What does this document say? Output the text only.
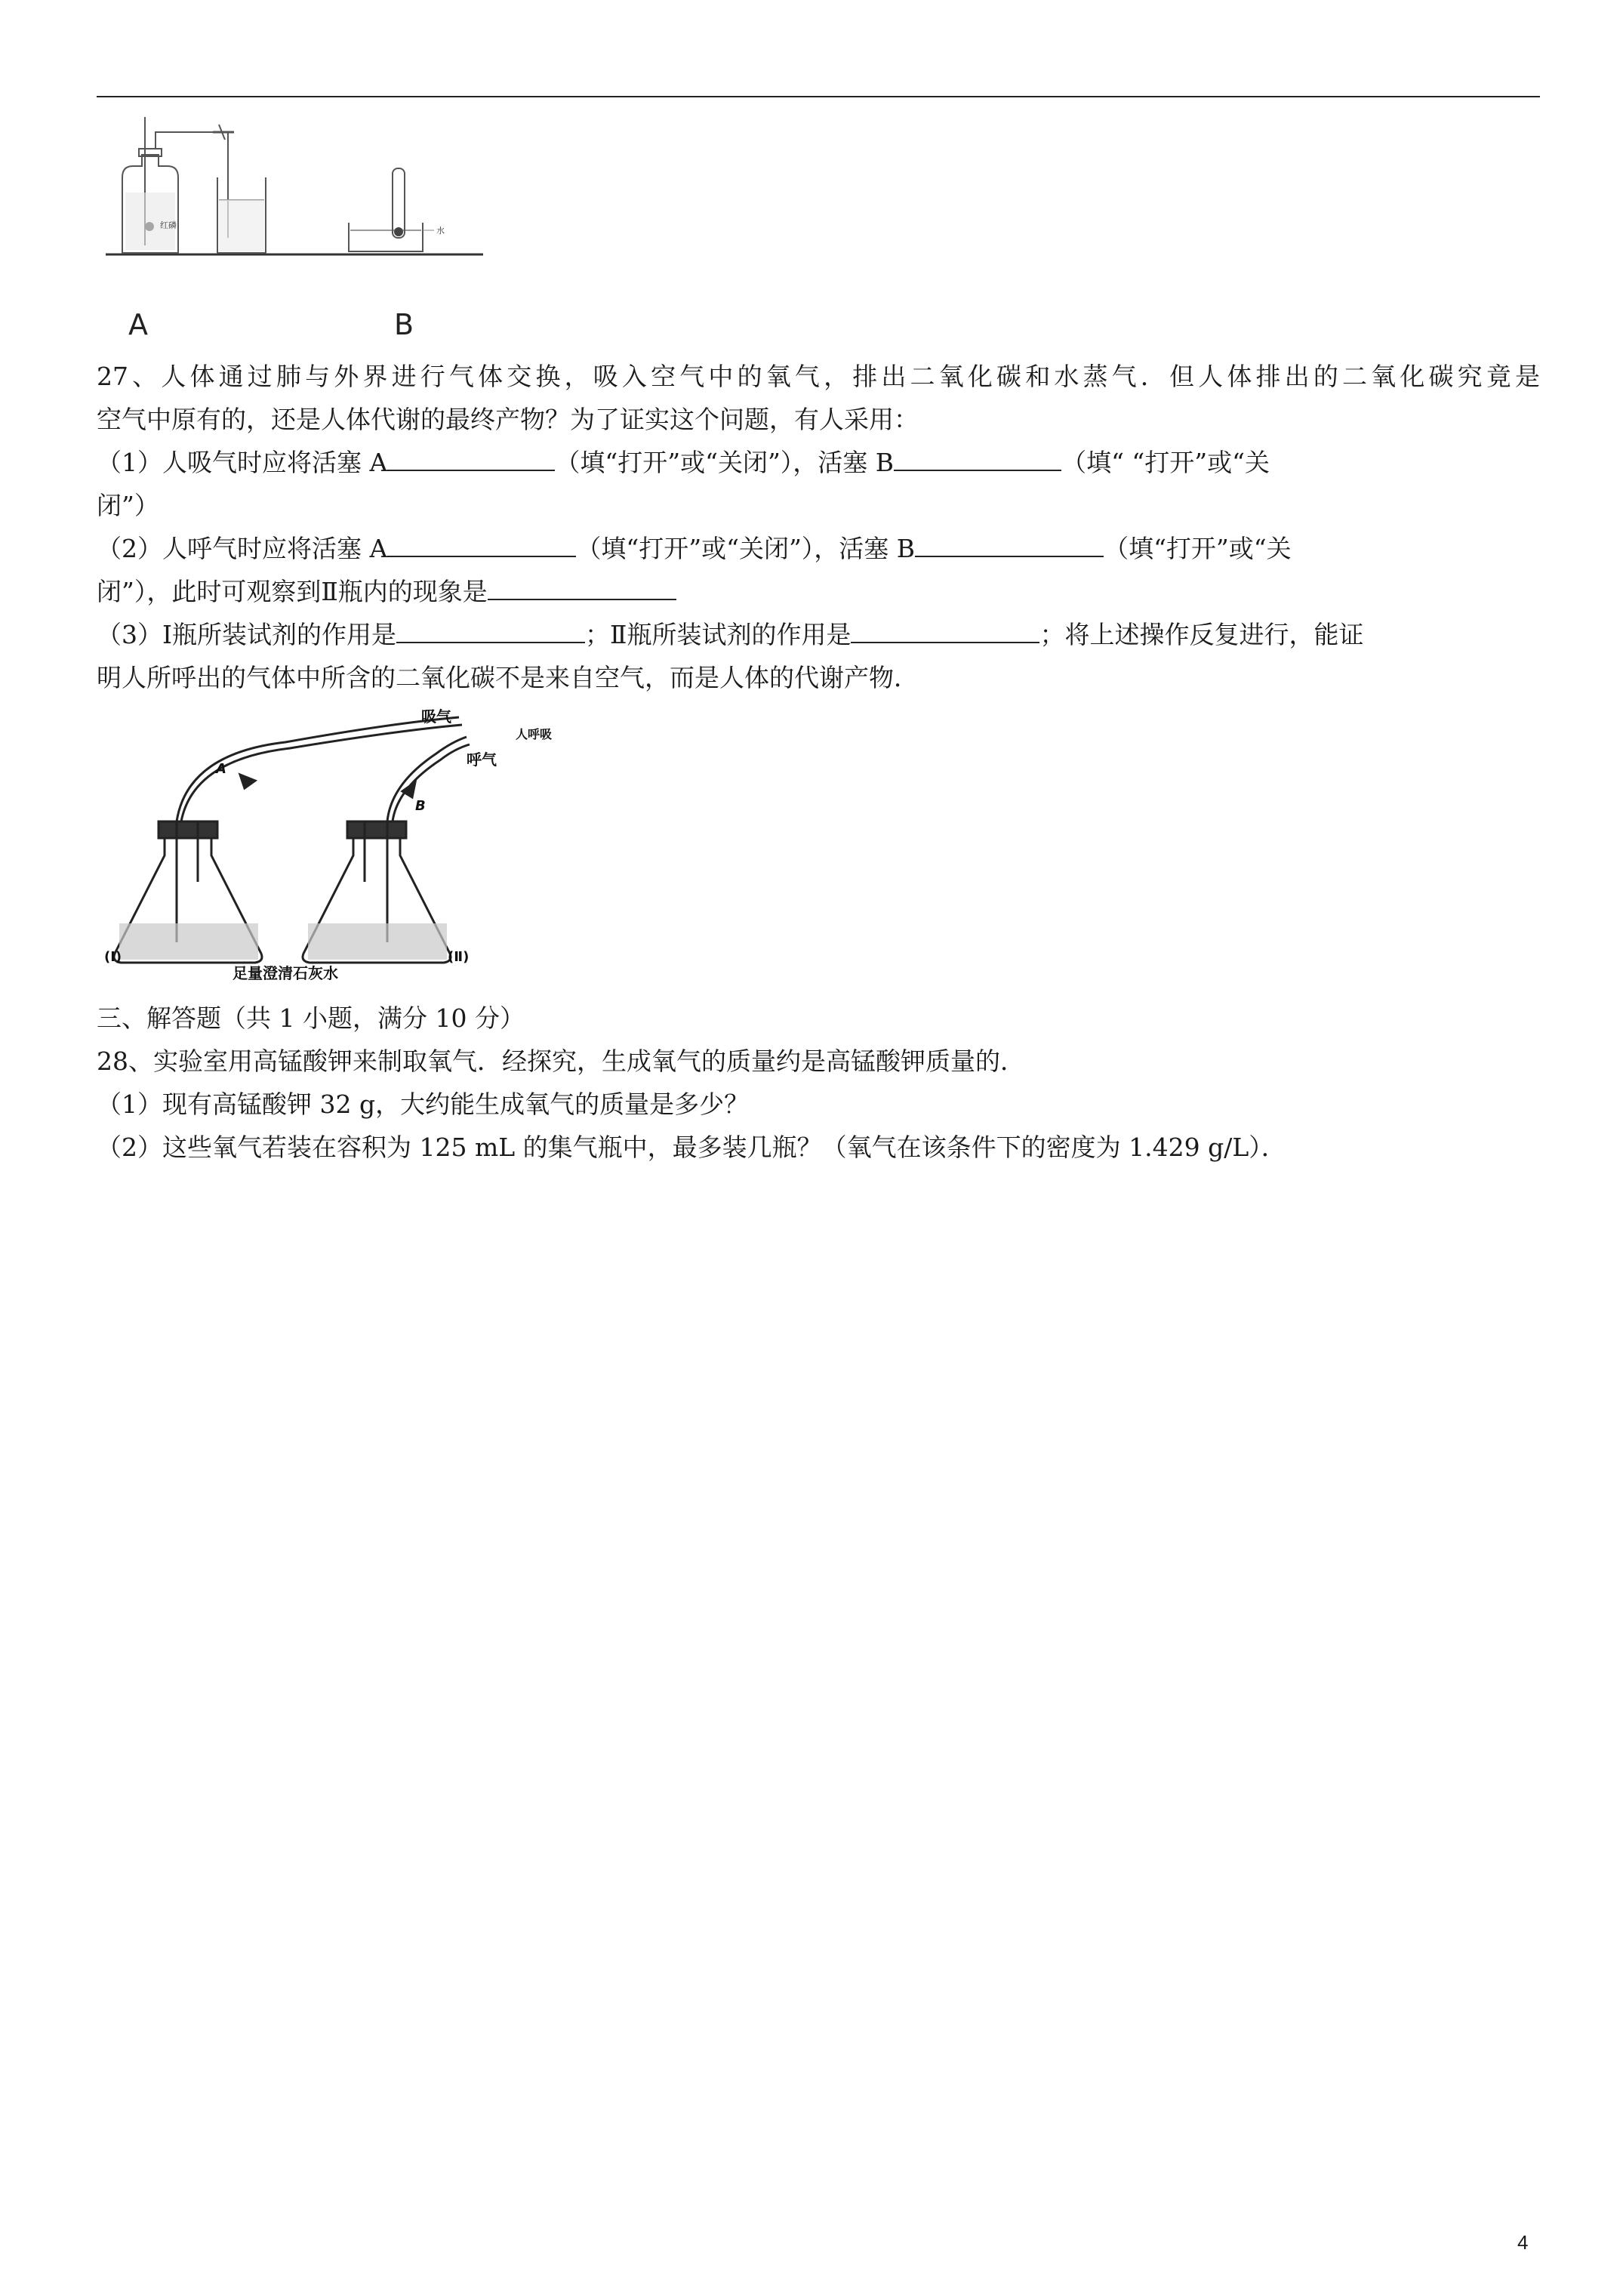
红磷
水
A	B
27、人体通过肺与外界进行气体交换，吸入空气中的氧气，排出二氧化碳和水蒸气．但人体排出的二氧化碳究竟是
空气中原有的，还是人体代谢的最终产物？为了证实这个问题，有人采用：
（1）人吸气时应将活塞 A	（填“打开”或“关闭”），活塞 B	（填“ “打开”或“关
闭”）
（2）人呼气时应将活塞 A	（填“打开”或“关闭”），活塞 B	（填“打开”或“关
闭”），此时可观察到Ⅱ瓶内的现象是
（3）Ⅰ瓶所装试剂的作用是	；Ⅱ瓶所装试剂的作用是	；将上述操作反复进行，能证
明人所呼出的气体中所含的二氧化碳不是来自空气，而是人体的代谢产物．
吸气
呼气
人呼吸
A
B
(Ⅰ)	(Ⅱ)
足量澄清石灰水
三、解答题（共 1 小题，满分 10 分）
28、实验室用高锰酸钾来制取氧气．经探究，生成氧气的质量约是高锰酸钾质量的．
（1）现有高锰酸钾 32 g，大约能生成氧气的质量是多少？
（2）这些氧气若装在容积为 125 mL 的集气瓶中，最多装几瓶？（氧气在该条件下的密度为 1.429 g/L）．
4
